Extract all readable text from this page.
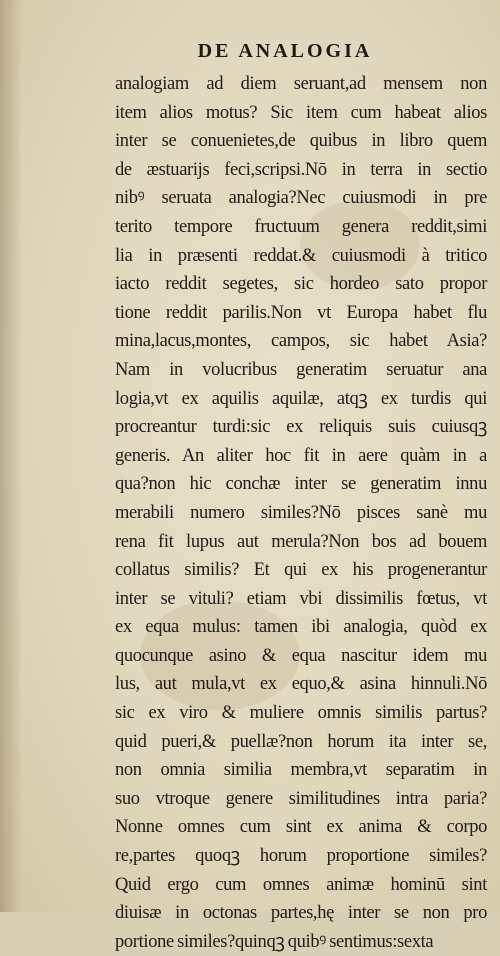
DE ANALOGIA
analogiam ad diem seruant,ad mensem non
item alios motus? Sic item cum habeat alios
inter se conuenietes,de quibus in libro quem
de æstuarijs feci,scripsi.Nō in terra in sectio
nibꝰ seruata analogia?Nec cuiusmodi in pre
terito tempore fructuum genera reddit,simi
lia in præsenti reddat.& cuiusmodi à tritico
iacto reddit segetes, sic hordeo sato propor
tione reddit parilis.Non vt Europa habet flu
mina,lacus,montes, campos, sic habet Asia?
Nam in volucribus generatim seruatur ana
logia,vt ex aquilis aquilæ, atqꝫ ex turdis qui
procreantur turdi:sic ex reliquis suis cuiusqꝫ
generis. An aliter hoc fit in aere quàm in a
qua?non hic conchæ inter se generatim innu
merabili numero similes?Nō pisces sanè mu
rena fit lupus aut merula?Non bos ad bouem
collatus similis? Et qui ex his progenerantur
inter se vituli? etiam vbi dissimilis fœtus, vt
ex equa mulus: tamen ibi analogia, quòd ex
quocunque asino & equa nascitur idem mu
lus, aut mula,vt ex equo,& asina hinnuli.Nō
sic ex viro & muliere omnis similis partus?
quid pueri,& puellæ?non horum ita inter se,
non omnia similia membra,vt separatim in
suo vtroque genere similitudines intra paria?
Nonne omnes cum sint ex anima & corpo
re,partes quoqꝫ horum proportione similes?
Quid ergo cum omnes animæ hominū sint
diuisæ in octonas partes,hę inter se non pro
portione similes?quinqꝫ quibꝰ sentimus:sexta
